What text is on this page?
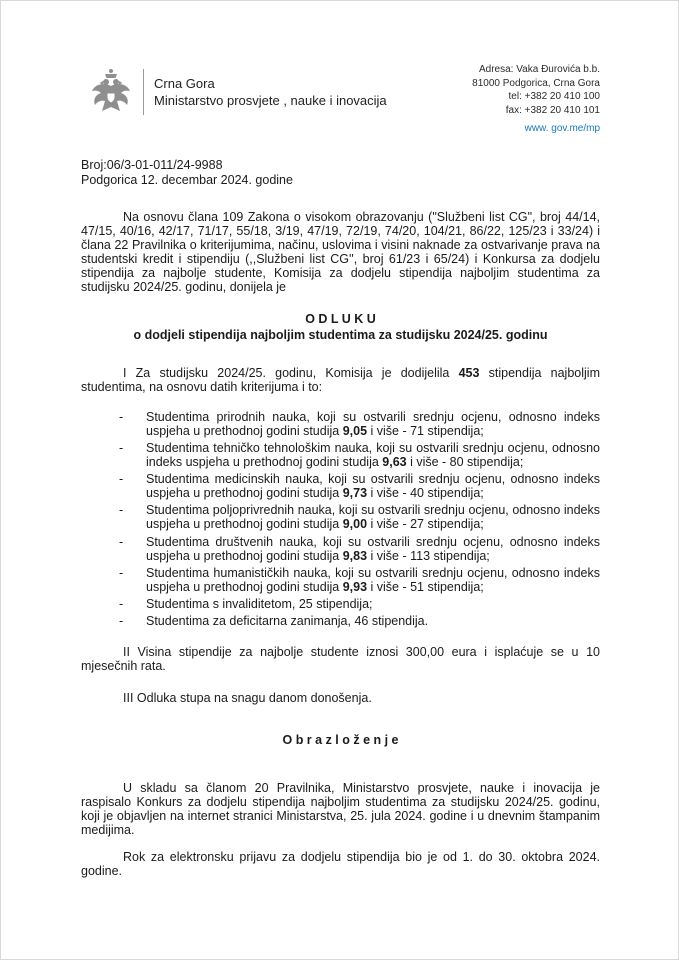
Crna Gora
Ministarstvo prosvjete , nauke i inovacija
Adresa: Vaka Đurovića b.b.
81000 Podgorica, Crna Gora
tel: +382 20 410 100
fax: +382 20 410 101
www. gov.me/mp
Broj:06/3-01-011/24-9988
Podgorica 12. decembar 2024. godine

Na osnovu člana 109 Zakona o visokom obrazovanju ("Službeni list CG", broj 44/14, 47/15, 40/16, 42/17, 71/17, 55/18, 3/19, 47/19, 72/19, 74/20, 104/21, 86/22, 125/23 i 33/24) i člana 22 Pravilnika o kriterijumima, načinu, uslovima i visini naknade za ostvarivanje prava na studentski kredit i stipendiju (,,Službeni list CG'', broj 61/23 i 65/24) i Konkursa za dodjelu stipendija za najbolje studente, Komisija za dodjelu stipendija najboljim studentima za studijsku 2024/25. godinu, donijela je

O D L U K U

o dodjeli stipendija najboljim studentima za studijsku 2024/25. godinu

I Za studijsku 2024/25. godinu, Komisija je dodijelila 453 stipendija najboljim studentima, na osnovu datih kriterijuma i to:

-	Studentima prirodnih nauka, koji su ostvarili srednju ocjenu, odnosno indeks uspjeha u prethodnoj godini studija 9,05 i više - 71 stipendija;
-	Studentima tehničko tehnološkim nauka, koji su ostvarili srednju ocjenu, odnosno indeks uspjeha u prethodnoj godini studija 9,63 i više - 80 stipendija;
-	Studentima medicinskih nauka, koji su ostvarili srednju ocjenu, odnosno indeks uspjeha u prethodnoj godini studija 9,73 i više - 40 stipendija;
-	Studentima poljoprivrednih nauka, koji su ostvarili srednju ocjenu, odnosno indeks uspjeha u prethodnoj godini studija 9,00 i više - 27 stipendija;
-	Studentima društvenih nauka, koji su ostvarili srednju ocjenu, odnosno indeks uspjeha u prethodnoj godini studija 9,83 i više - 113 stipendija;
-	Studentima humanističkih nauka, koji su ostvarili srednju ocjenu, odnosno indeks uspjeha u prethodnoj godini studija 9,93 i više - 51 stipendija;
-	Studentima s invaliditetom, 25 stipendija;
-	Studentima za deficitarna zanimanja, 46 stipendija.

II Visina stipendije za najbolje studente iznosi 300,00 eura i isplaćuje se u 10 mjesečnih rata.

III Odluka stupa na snagu danom donošenja.

O b r a z l o ž e n j e

U skladu sa članom 20 Pravilnika, Ministarstvo prosvjete, nauke i inovacija je raspisalo Konkurs za dodjelu stipendija najboljim studentima za studijsku 2024/25. godinu, koji je objavljen na internet stranici Ministarstva, 25. jula 2024. godine i u dnevnim štampanim medijima.

Rok za elektronsku prijavu za dodjelu stipendija bio je od 1. do 30. oktobra 2024. godine.
